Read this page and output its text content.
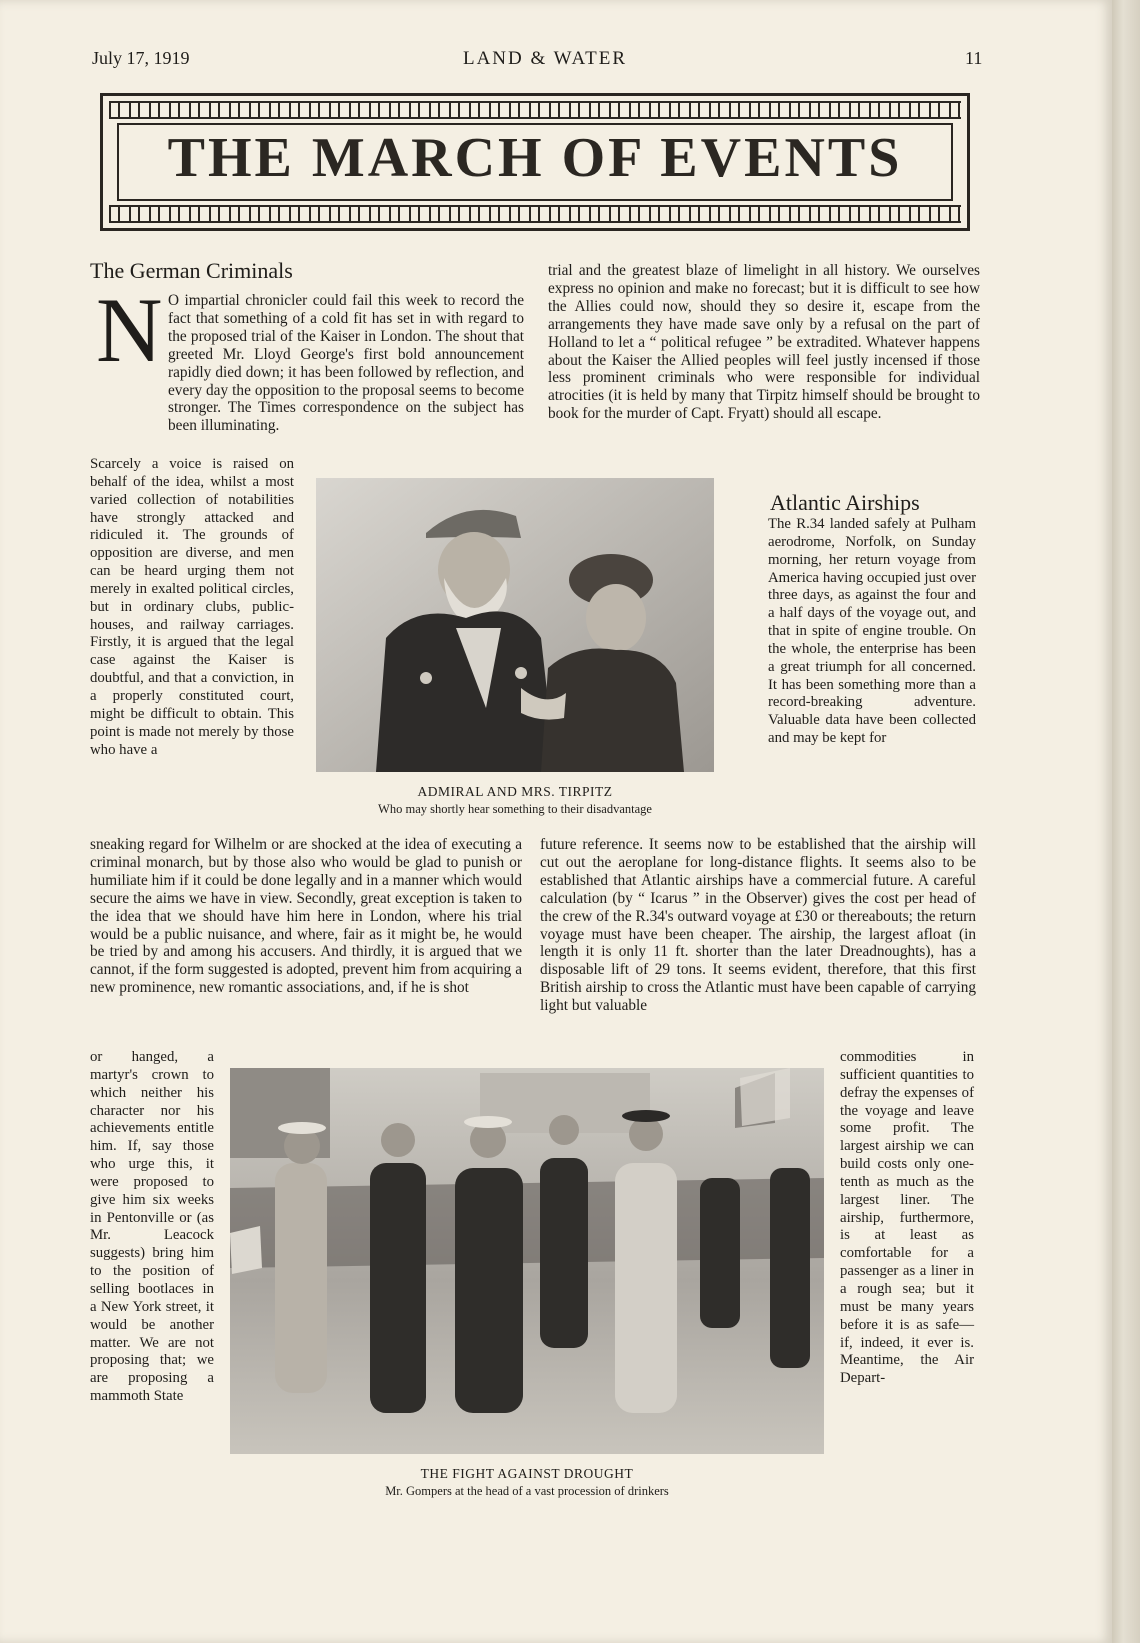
July 17, 1919	LAND & WATER	11
THE MARCH OF EVENTS
The German Criminals
N O impartial chronicler could fail this week to record the fact that something of a cold fit has set in with regard to the proposed trial of the Kaiser in London. The shout that greeted Mr. Lloyd George's first bold announcement rapidly died down; it has been followed by reflection, and every day the opposition to the proposal seems to become stronger. The Times correspondence on the subject has been illuminating.

Scarcely a voice is raised on behalf of the idea, whilst a most varied collection of notabilities have strongly attacked and ridiculed it. The grounds of opposition are diverse, and men can be heard urging them not merely in exalted political circles, but in ordinary clubs, public-houses, and railway carriages. Firstly, it is argued that the legal case against the Kaiser is doubtful, and that a conviction, in a properly constituted court, might be difficult to obtain. This point is made not merely by those who have a

sneaking regard for Wilhelm or are shocked at the idea of executing a criminal monarch, but by those also who would be glad to punish or humiliate him if it could be done legally and in a manner which would secure the aims we have in view. Secondly, great exception is taken to the idea that we should have him here in London, where his trial would be a public nuisance, and where, fair as it might be, he would be tried by and among his accusers. And thirdly, it is argued that we cannot, if the form suggested is adopted, prevent him from acquiring a new prominence, new romantic associations, and, if he is shot

or hanged, a martyr's crown to which neither his character nor his achievements entitle him. If, say those who urge this, it were proposed to give him six weeks in Pentonville or (as Mr. Leacock suggests) bring him to the position of selling bootlaces in a New York street, it would be another matter. We are not proposing that; we are proposing a mammoth State

trial and the greatest blaze of limelight in all history. We ourselves express no opinion and make no forecast; but it is difficult to see how the Allies could now, should they so desire it, escape from the arrangements they have made save only by a refusal on the part of Holland to let a “ political refugee ” be extradited. Whatever happens about the Kaiser the Allied peoples will feel justly incensed if those less prominent criminals who were responsible for individual atrocities (it is held by many that Tirpitz himself should be brought to book for the murder of Capt. Fryatt) should all escape.

Atlantic Airships

The R.34 landed safely at Pulham aerodrome, Norfolk, on Sunday morning, her return voyage from America having occupied just over three days, as against the four and a half days of the voyage out, and that in spite of engine trouble. On the whole, the enterprise has been a great triumph for all concerned. It has been something more than a record-breaking adventure. Valuable data have been collected and may be kept for

future reference. It seems now to be established that the airship will cut out the aeroplane for long-distance flights. It seems also to be established that Atlantic airships have a commercial future. A careful calculation (by “ Icarus ” in the Observer) gives the cost per head of the crew of the R.34's outward voyage at £30 or thereabouts; the return voyage must have been cheaper. The airship, the largest afloat (in length it is only 11 ft. shorter than the later Dreadnoughts), has a disposable lift of 29 tons. It seems evident, therefore, that this first British airship to cross the Atlantic must have been capable of carrying light but valuable

commodities in sufficient quantities to defray the expenses of the voyage and leave some profit. The largest airship we can build costs only one-tenth as much as the largest liner. The airship, furthermore, is at least as comfortable for a passenger as a liner in a rough sea; but it must be many years before it is as safe—if, indeed, it ever is. Meantime, the Air Depart-

ADMIRAL AND MRS. TIRPITZ
Who may shortly hear something to their disadvantage
THE FIGHT AGAINST DROUGHT
Mr. Gompers at the head of a vast procession of drinkers
